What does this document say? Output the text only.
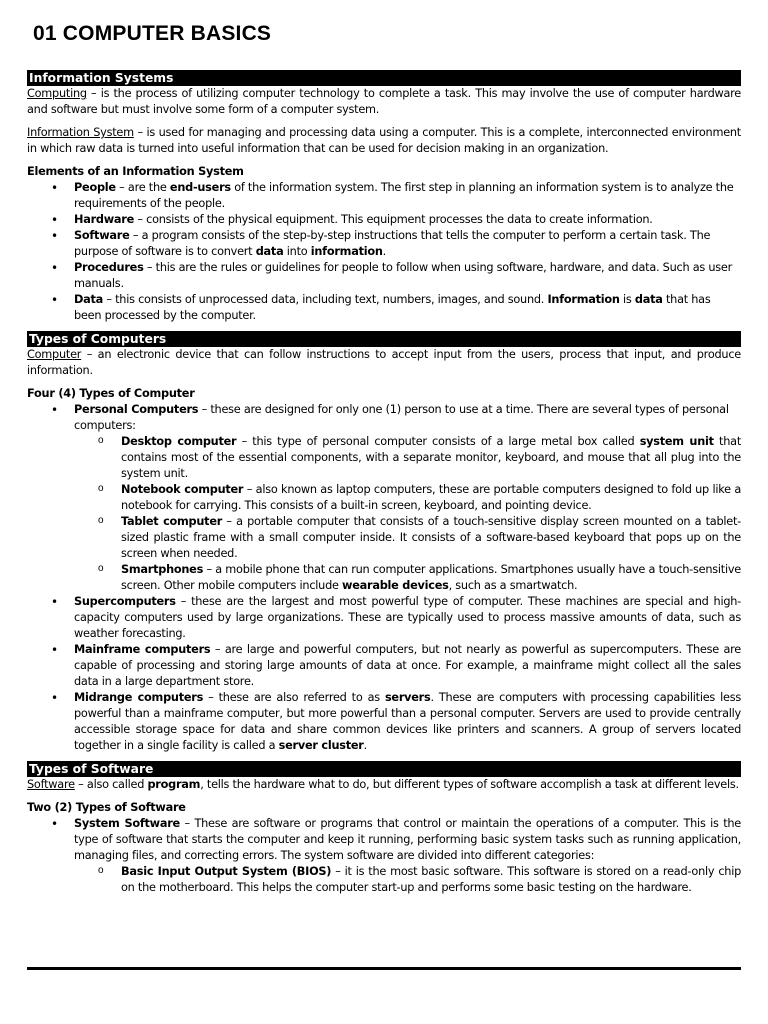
01 COMPUTER BASICS
Information Systems

Computing – is the process of utilizing computer technology to complete a task. This may involve the use of computer hardware and software but must involve some form of a computer system.

Information System – is used for managing and processing data using a computer. This is a complete, interconnected environment in which raw data is turned into useful information that can be used for decision making in an organization.

Elements of an Information System

• People – are the end-users of the information system. The first step in planning an information system is to analyze the requirements of the people.
• Hardware – consists of the physical equipment. This equipment processes the data to create information.
• Software – a program consists of the step-by-step instructions that tells the computer to perform a certain task. The purpose of software is to convert data into information.
• Procedures – this are the rules or guidelines for people to follow when using software, hardware, and data. Such as user manuals.
• Data – this consists of unprocessed data, including text, numbers, images, and sound. Information is data that has been processed by the computer.
Types of Computers

Computer – an electronic device that can follow instructions to accept input from the users, process that input, and produce information.

Four (4) Types of Computer

• Personal Computers – these are designed for only one (1) person to use at a time. There are several types of personal computers:
o Desktop computer – this type of personal computer consists of a large metal box called system unit that contains most of the essential components, with a separate monitor, keyboard, and mouse that all plug into the system unit.
o Notebook computer – also known as laptop computers, these are portable computers designed to fold up like a notebook for carrying. This consists of a built-in screen, keyboard, and pointing device.
o Tablet computer – a portable computer that consists of a touch-sensitive display screen mounted on a tablet-sized plastic frame with a small computer inside. It consists of a software-based keyboard that pops up on the screen when needed.
o Smartphones – a mobile phone that can run computer applications. Smartphones usually have a touch-sensitive screen. Other mobile computers include wearable devices, such as a smartwatch.
• Supercomputers – these are the largest and most powerful type of computer. These machines are special and high-capacity computers used by large organizations. These are typically used to process massive amounts of data, such as weather forecasting.
• Mainframe computers – are large and powerful computers, but not nearly as powerful as supercomputers. These are capable of processing and storing large amounts of data at once. For example, a mainframe might collect all the sales data in a large department store.
• Midrange computers – these are also referred to as servers. These are computers with processing capabilities less powerful than a mainframe computer, but more powerful than a personal computer. Servers are used to provide centrally accessible storage space for data and share common devices like printers and scanners. A group of servers located together in a single facility is called a server cluster.
Types of Software

Software – also called program, tells the hardware what to do, but different types of software accomplish a task at different levels.

Two (2) Types of Software

• System Software – These are software or programs that control or maintain the operations of a computer. This is the type of software that starts the computer and keep it running, performing basic system tasks such as running application, managing files, and correcting errors. The system software are divided into different categories:
o Basic Input Output System (BIOS) – it is the most basic software. This software is stored on a read-only chip on the motherboard. This helps the computer start-up and performs some basic testing on the hardware.
